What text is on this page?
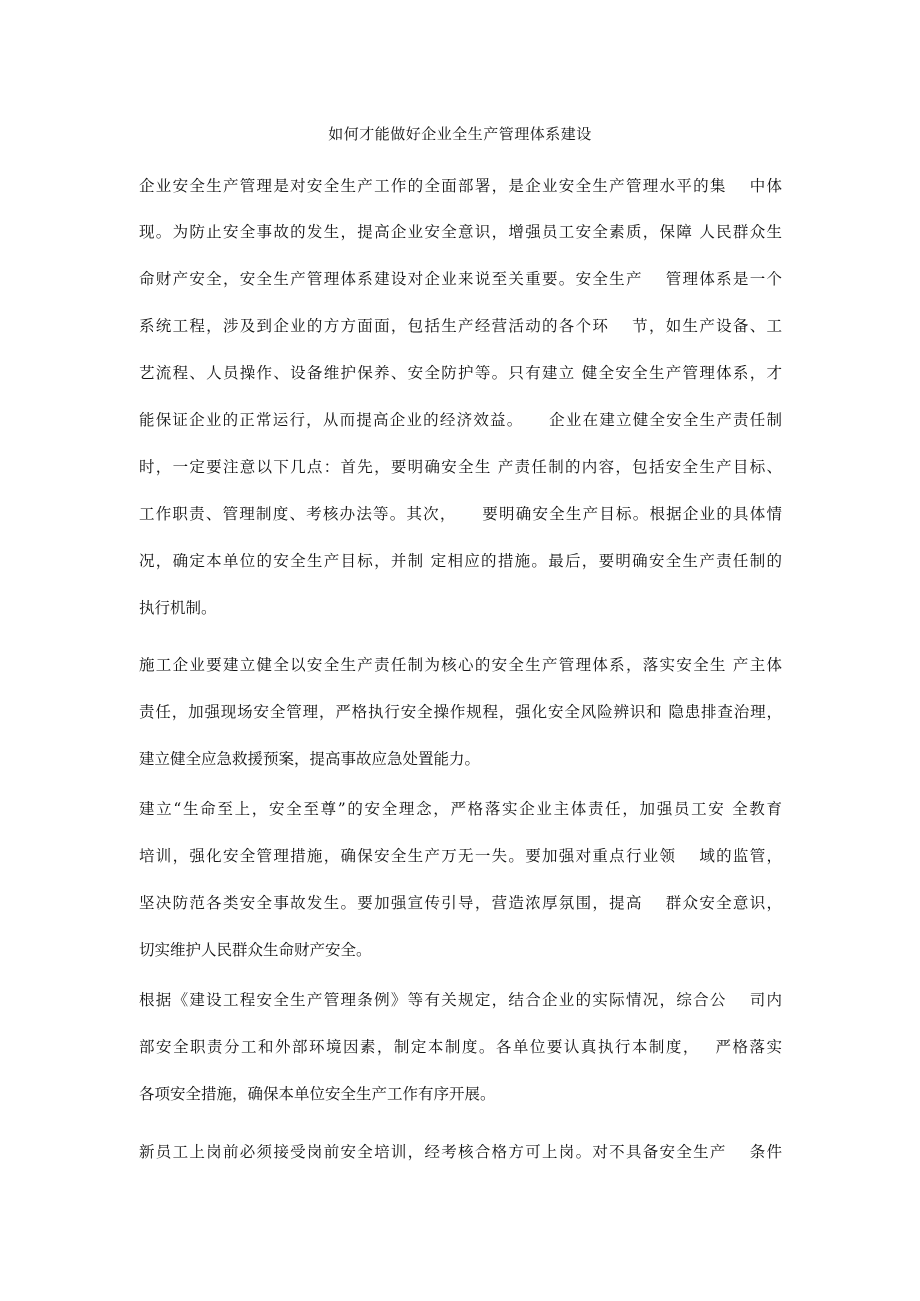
如何才能做好企业全生产管理体系建设
企业安全生产管理是对安全生产工作的全面部署，是企业安全生产管理水平的集　 中体
现。为防止安全事故的发生，提高企业安全意识，增强员工安全素质，保障 人民群众生
命财产安全，安全生产管理体系建设对企业来说至关重要。安全生产　 管理体系是一个
系统工程，涉及到企业的方方面面，包括生产经营活动的各个环　 节，如生产设备、工
艺流程、人员操作、设备维护保养、安全防护等。只有建立 健全安全生产管理体系，才
能保证企业的正常运行，从而提高企业的经济效益。　　企业在建立健全安全生产责任制
时，一定要注意以下几点：首先，要明确安全生 产责任制的内容，包括安全生产目标、
工作职责、管理制度、考核办法等。其次，　　要明确安全生产目标。根据企业的具体情
况，确定本单位的安全生产目标，并制 定相应的措施。最后，要明确安全生产责任制的
执行机制。
施工企业要建立健全以安全生产责任制为核心的安全生产管理体系，落实安全生 产主体
责任，加强现场安全管理，严格执行安全操作规程，强化安全风险辨识和 隐患排查治理，
建立健全应急救援预案，提高事故应急处置能力。
建立“生命至上，安全至尊”的安全理念，严格落实企业主体责任，加强员工安 全教育
培训，强化安全管理措施，确保安全生产万无一失。要加强对重点行业领　 域的监管，
坚决防范各类安全事故发生。要加强宣传引导，营造浓厚氛围，提高　 群众安全意识，
切实维护人民群众生命财产安全。
根据《建设工程安全生产管理条例》等有关规定，结合企业的实际情况，综合公　 司内
部安全职责分工和外部环境因素，制定本制度。各单位要认真执行本制度，　 严格落实
各项安全措施，确保本单位安全生产工作有序开展。
新员工上岗前必须接受岗前安全培训，经考核合格方可上岗。对不具备安全生产　 条件
